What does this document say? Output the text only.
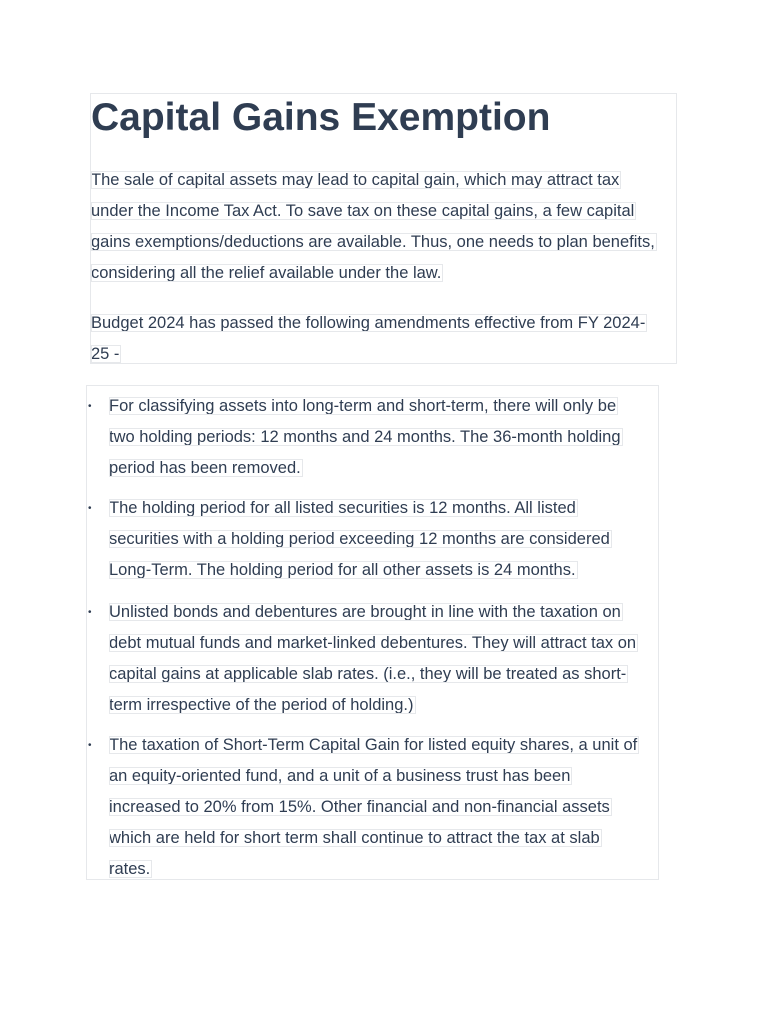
Capital Gains Exemption

The sale of capital assets may lead to capital gain, which may attract tax
under the Income Tax Act. To save tax on these capital gains, a few capital
gains exemptions/deductions are available. Thus, one needs to plan benefits,
considering all the relief available under the law.

Budget 2024 has passed the following amendments effective from FY 2024-
25 -

• For classifying assets into long-term and short-term, there will only be
two holding periods: 12 months and 24 months. The 36-month holding
period has been removed.
• The holding period for all listed securities is 12 months. All listed
securities with a holding period exceeding 12 months are considered
Long-Term. The holding period for all other assets is 24 months.
• Unlisted bonds and debentures are brought in line with the taxation on
debt mutual funds and market-linked debentures. They will attract tax on
capital gains at applicable slab rates. (i.e., they will be treated as short-
term irrespective of the period of holding.)
• The taxation of Short-Term Capital Gain for listed equity shares, a unit of
an equity-oriented fund, and a unit of a business trust has been
increased to 20% from 15%. Other financial and non-financial assets
which are held for short term shall continue to attract the tax at slab
rates.
